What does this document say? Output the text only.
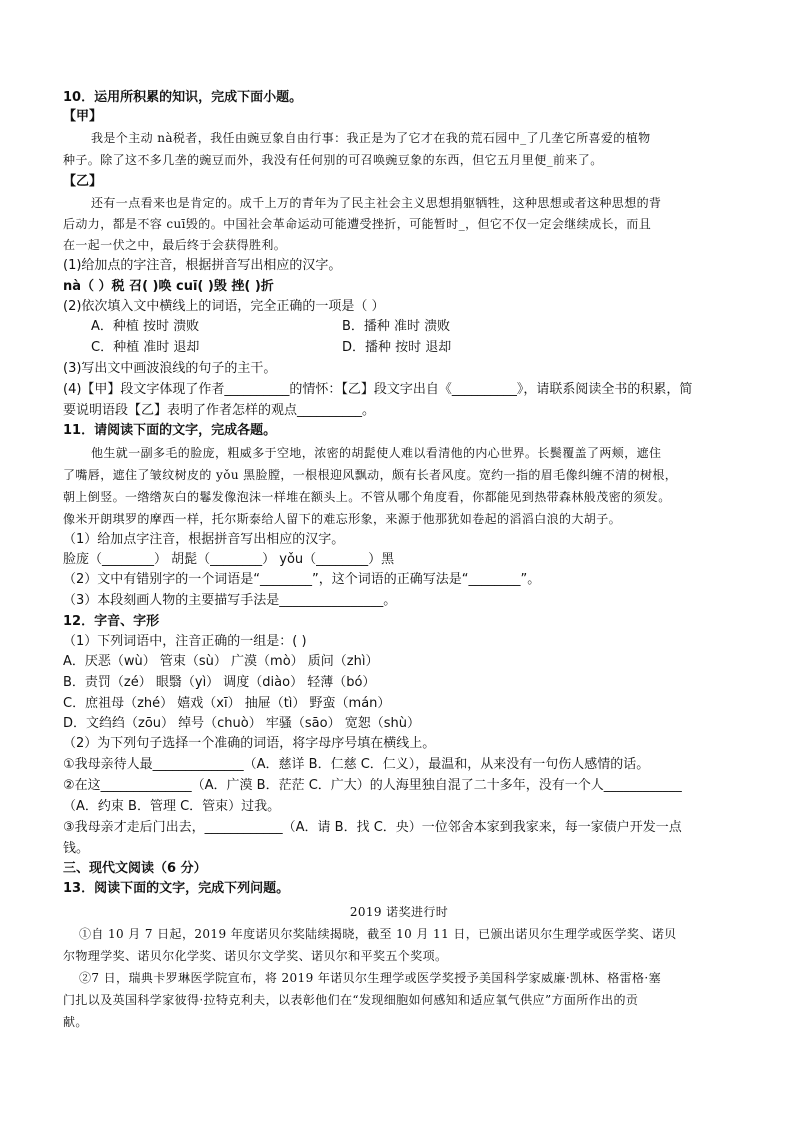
10．运用所积累的知识，完成下面小题。
【甲】
我是个主动 nà税者，我任由豌豆象自由行事：我正是为了它才在我的荒石园中_了几垄它所喜爱的植物
种子。除了这不多几垄的豌豆而外，我没有任何别的可召唤豌豆象的东西，但它五月里便_前来了。
【乙】
还有一点看来也是肯定的。成千上万的青年为了民主社会主义思想捐躯牺牲，这种思想或者这种思想的背
后动力，都是不容 cuī毁的。中国社会革命运动可能遭受挫折，可能暂时_，但它不仅一定会继续成长，而且
在一起一伏之中，最后终于会获得胜利。
(1)给加点的字注音，根据拼音写出相应的汉字。
nà（ ）税 召( )唤 cuī( )毁 挫( )折
(2)依次填入文中横线上的词语，完全正确的一项是（ ）
A．种植 按时 溃败	B．播种 准时 溃败
C．种植 准时 退却	D．播种 按时 退却
(3)写出文中画波浪线的句子的主干。
(4)【甲】段文字体现了作者__________的情怀：【乙】段文字出自《__________》，请联系阅读全书的积累，简
要说明语段【乙】表明了作者怎样的观点__________。
11．请阅读下面的文字，完成各题。
他生就一副多毛的脸庞，粗威多于空地，浓密的胡髭使人难以看清他的内心世界。长鬓覆盖了两颊，遮住
了嘴唇，遮住了皱纹树皮的 yǒu 黑脸膛，一根根迎风飘动，颇有长者风度。宽约一指的眉毛像纠缠不清的树根，
朝上倒竖。一绺绺灰白的鬈发像泡沫一样堆在额头上。不管从哪个角度看，你都能见到热带森林般茂密的须发。
像米开朗琪罗的摩西一样，托尔斯泰给人留下的难忘形象，来源于他那犹如卷起的滔滔白浪的大胡子。
（1）给加点字注音，根据拼音写出相应的汉字。
脸庞（________） 胡髭（________） yǒu（________）黑
（2）文中有错别字的一个词语是“________”，这个词语的正确写法是“________”。
（3）本段刻画人物的主要描写手法是________________。
12．字音、字形
（1）下列词语中，注音正确的一组是：( )
A．厌恶（wù） 管束（sù） 广漠（mò） 质问（zhì）
B．责罚（zé） 眼翳（yì） 调度（diào） 轻薄（bó）
C．庶祖母（zhé） 嬉戏（xī） 抽屉（tì） 野蛮（mán）
D．文绉绉（zōu） 绰号（chuò） 牢骚（sāo） 宽恕（shù）
（2）为下列句子选择一个准确的词语，将字母序号填在横线上。
①我母亲待人最______________（A．慈详 B．仁慈 C．仁义），最温和，从来没有一句伤人感情的话。
②在这______________（A．广漠 B．茫茫 C．广大）的人海里独自混了二十多年，没有一个人____________
（A．约束 B．管理 C．管束）过我。
③我母亲才走后门出去，____________（A．请 B．找 C．央）一位邻舍本家到我家来，每一家债户开发一点
钱。
三、现代文阅读（6 分）
13．阅读下面的文字，完成下列问题。
2019 诺奖进行时
①自 10 月 7 日起，2019 年度诺贝尔奖陆续揭晓，截至 10 月 11 日，已颁出诺贝尔生理学或医学奖、诺贝
尔物理学奖、诺贝尔化学奖、诺贝尔文学奖、诺贝尔和平奖五个奖项。
②7 日，瑞典卡罗琳医学院宣布，将 2019 年诺贝尔生理学或医学奖授予美国科学家威廉·凯林、格雷格·塞
门扎以及英国科学家彼得·拉特克利夫，以表彰他们在“发现细胞如何感知和适应氧气供应”方面所作出的贡
献。
